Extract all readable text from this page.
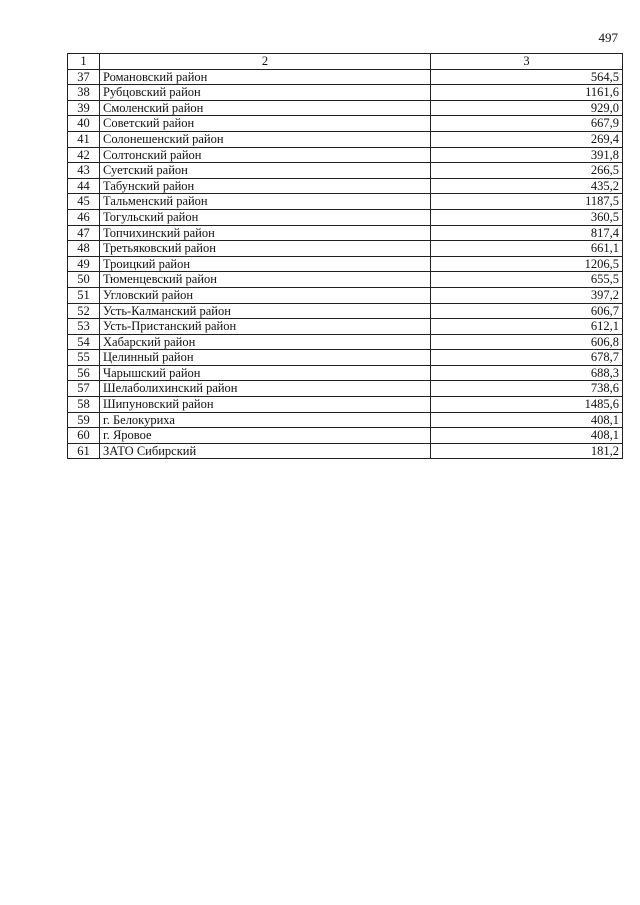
497
1	2	3
37	Романовский район	564,5
38	Рубцовский район	1161,6
39	Смоленский район	929,0
40	Советский район	667,9
41	Солонешенский район	269,4
42	Солтонский район	391,8
43	Суетский район	266,5
44	Табунский район	435,2
45	Тальменский район	1187,5
46	Тогульский район	360,5
47	Топчихинский район	817,4
48	Третьяковский район	661,1
49	Троицкий район	1206,5
50	Тюменцевский район	655,5
51	Угловский район	397,2
52	Усть-Калманский район	606,7
53	Усть-Пристанский район	612,1
54	Хабарский район	606,8
55	Целинный район	678,7
56	Чарышский район	688,3
57	Шелаболихинский район	738,6
58	Шипуновский район	1485,6
59	г. Белокуриха	408,1
60	г. Яровое	408,1
61	ЗАТО Сибирский	181,2
